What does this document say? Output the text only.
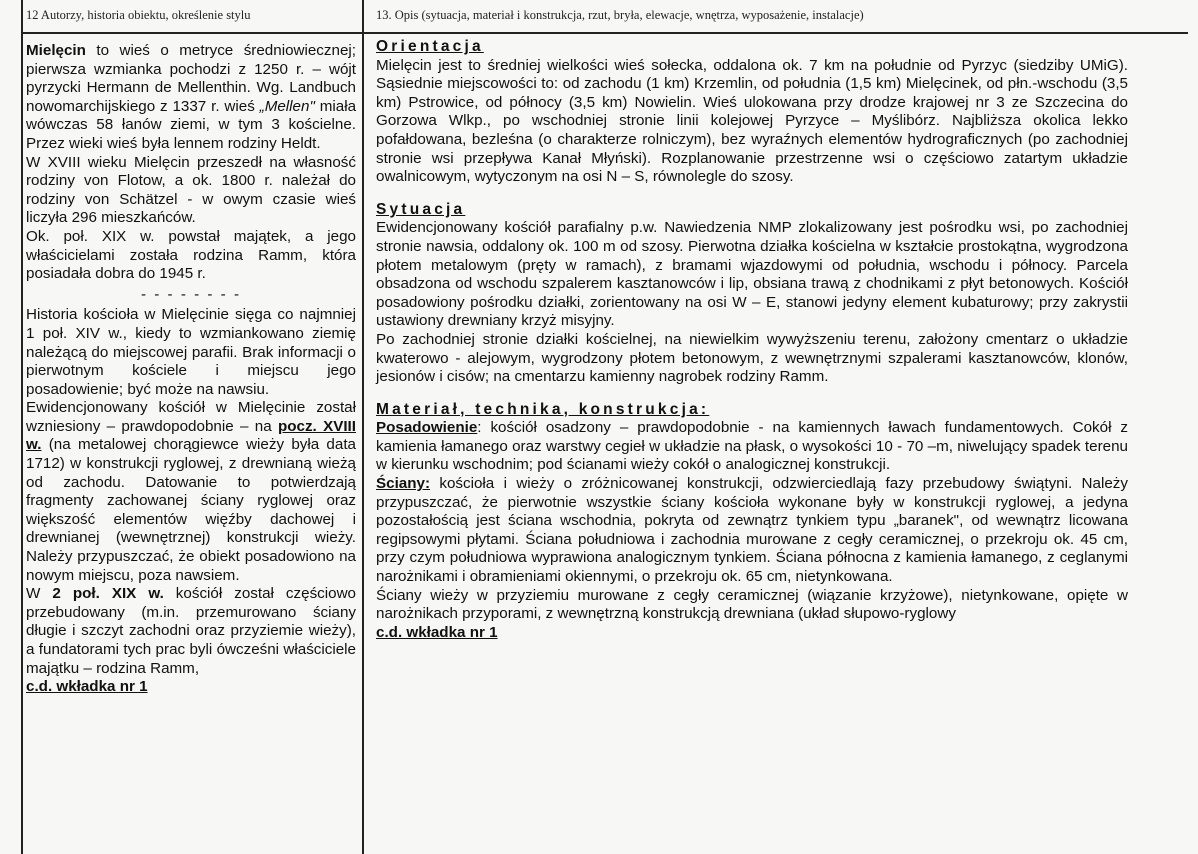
12 Autorzy, historia obiektu, określenie stylu	13. Opis (sytuacja, materiał i konstrukcja, rzut, bryła, elewacje, wnętrza, wyposażenie, instalacje)

Mielęcin to wieś o metryce średniowiecznej; pierwsza wzmianka pochodzi z 1250 r. – wójt pyrzycki Hermann de Mellenthin. Wg. Landbuch nowomarchijskiego z 1337 r. wieś „Mellen" miała wówczas 58 łanów ziemi, w tym 3 kościelne. Przez wieki wieś była lennem rodziny Heldt.

W XVIII wieku Mielęcin przeszedł na własność rodziny von Flotow, a ok. 1800 r. należał do rodziny von Schätzel - w owym czasie wieś liczyła 296 mieszkańców.

Ok. poł. XIX w. powstał majątek, a jego właścicielami została rodzina Ramm, która posiadała dobra do 1945 r.

- - - - - - - -

Historia kościoła w Mielęcinie sięga co najmniej 1 poł. XIV w., kiedy to wzmiankowano ziemię należącą do miejscowej parafii. Brak informacji o pierwotnym kościele i miejscu jego posadowienie; być może na nawsiu.

Ewidencjonowany kościół w Mielęcinie został wzniesiony – prawdopodobnie – na pocz. XVIII w. (na metalowej chorągiewce wieży była data 1712) w konstrukcji ryglowej, z drewnianą wieżą od zachodu. Datowanie to potwierdzają fragmenty zachowanej ściany ryglowej oraz większość elementów więźby dachowej i drewnianej (wewnętrznej) konstrukcji wieży. Należy przypuszczać, że obiekt posadowiono na nowym miejscu, poza nawsiem.

W 2 poł. XIX w. kościół został częściowo przebudowany (m.in. przemurowano ściany długie i szczyt zachodni oraz przyziemie wieży), a fundatorami tych prac byli ówcześni właściciele majątku – rodzina Ramm,

c.d. wkładka nr 1

Orientacja

Mielęcin jest to średniej wielkości wieś sołecka, oddalona ok. 7 km na południe od Pyrzyc (siedziby UMiG). Sąsiednie miejscowości to: od zachodu (1 km) Krzemlin, od południa (1,5 km) Mielęcinek, od płn.-wschodu (3,5 km) Pstrowice, od północy (3,5 km) Nowielin. Wieś ulokowana przy drodze krajowej nr 3 ze Szczecina do Gorzowa Wlkp., po wschodniej stronie linii kolejowej Pyrzyce – Myślibórz. Najbliższa okolica lekko pofałdowana, bezleśna (o charakterze rolniczym), bez wyraźnych elementów hydrograficznych (po zachodniej stronie wsi przepływa Kanał Młyński). Rozplanowanie przestrzenne wsi o częściowo zatartym układzie owalnicowym, wytyczonym na osi N – S, równolegle do szosy.

Sytuacja

Ewidencjonowany kościół parafialny p.w. Nawiedzenia NMP zlokalizowany jest pośrodku wsi, po zachodniej stronie nawsia, oddalony ok. 100 m od szosy. Pierwotna działka kościelna w kształcie prostokątna, wygrodzona płotem metalowym (pręty w ramach), z bramami wjazdowymi od południa, wschodu i północy. Parcela obsadzona od wschodu szpalerem kasztanowców i lip, obsiana trawą z chodnikami z płyt betonowych. Kościół posadowiony pośrodku działki, zorientowany na osi W – E, stanowi jedyny element kubaturowy; przy zakrystii ustawiony drewniany krzyż misyjny.

Po zachodniej stronie działki kościelnej, na niewielkim wywyższeniu terenu, założony cmentarz o układzie kwaterowo - alejowym, wygrodzony płotem betonowym, z wewnętrznymi szpalerami kasztanowców, klonów, jesionów i cisów; na cmentarzu kamienny nagrobek rodziny Ramm.

Materiał, technika, konstrukcja:

Posadowienie: kościół osadzony – prawdopodobnie - na kamiennych ławach fundamentowych. Cokół z kamienia łamanego oraz warstwy cegieł w układzie na płask, o wysokości 10 - 70 –m, niwelujący spadek terenu w kierunku wschodnim; pod ścianami wieży cokół o analogicznej konstrukcji.

Ściany: kościoła i wieży o zróżnicowanej konstrukcji, odzwierciedlają fazy przebudowy świątyni. Należy przypuszczać, że pierwotnie wszystkie ściany kościoła wykonane były w konstrukcji ryglowej, a jedyna pozostałością jest ściana wschodnia, pokryta od zewnątrz tynkiem typu „baranek", od wewnątrz licowana regipsowymi płytami. Ściana południowa i zachodnia murowane z cegły ceramicznej, o przekroju ok. 45 cm, przy czym południowa wyprawiona analogicznym tynkiem. Ściana północna z kamienia łamanego, z ceglanymi narożnikami i obramieniami okiennymi, o przekroju ok. 65 cm, nietynkowana.

Ściany wieży w przyziemiu murowane z cegły ceramicznej (wiązanie krzyżowe), nietynkowane, opięte w narożnikach przyporami, z wewnętrzną konstrukcją drewniana (układ słupowo-ryglowy

c.d. wkładka nr 1
